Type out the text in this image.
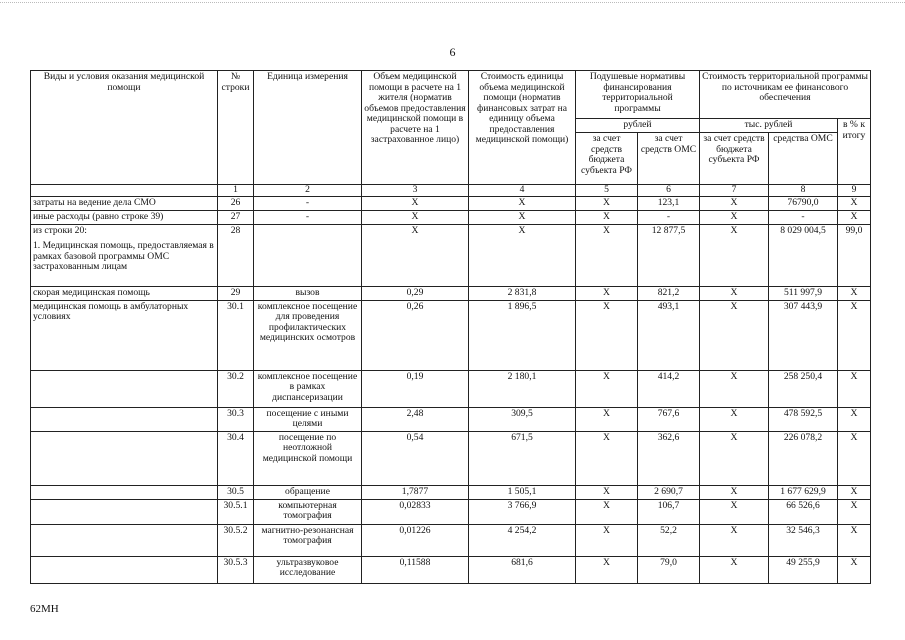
6
Виды и условия оказания медицинской помощи	№ строки	Единица измерения	Объем медицинской помощи в расчете на 1 жителя (норматив объемов предоставления медицинской помощи в расчете на 1 застрахованное лицо)	Стоимость единицы объема медицинской помощи (норматив финансовых затрат на единицу объема предоставления медицинской помощи)	Подушевые нормативы финансирования территориальной программы		Стоимость территориальной программы по источникам ее финансового обеспечения		
					рублей		тыс. рублей		в % к итогу
					за счет средств бюджета субъекта РФ	за счет средств ОМС	за счет средств бюджета субъекта РФ	средства ОМС	
	1	2	3	4	5	6	7	8	9
затраты на ведение дела СМО	26	-	X	X	X	123,1	X	76790,0	X
иные расходы (равно строке 39)	27	-	X	X	X	-	X	-	X

из строки 20:
1. Медицинская помощь, предоставляемая в рамках базовой программы ОМС застрахованным лицам	28		X	X	X	12 877,5	X	8 029 004,5	99,0
скорая медицинская помощь	29	вызов	0,29	2 831,8	X	821,2	X	511 997,9	X
медицинская помощь в амбулаторных условиях	30.1	комплексное посещение для проведения профилактических медицинских осмотров	0,26	1 896,5	X	493,1	X	307 443,9	X
	30.2	комплексное посещение в рамках диспансеризации	0,19	2 180,1	X	414,2	X	258 250,4	X
	30.3	посещение с иными целями	2,48	309,5	X	767,6	X	478 592,5	X
	30.4	посещение по неотложной медицинской помощи	0,54	671,5	X	362,6	X	226 078,2	X
	30.5	обращение	1,7877	1 505,1	X	2 690,7	X	1 677 629,9	X
	30.5.1	компьютерная томография	0,02833	3 766,9	X	106,7	X	66 526,6	X
	30.5.2	магнитно-резонансная томография	0,01226	4 254,2	X	52,2	X	32 546,3	X
	30.5.3	ультразвуковое исследование	0,11588	681,6	X	79,0	X	49 255,9	X
62МН
